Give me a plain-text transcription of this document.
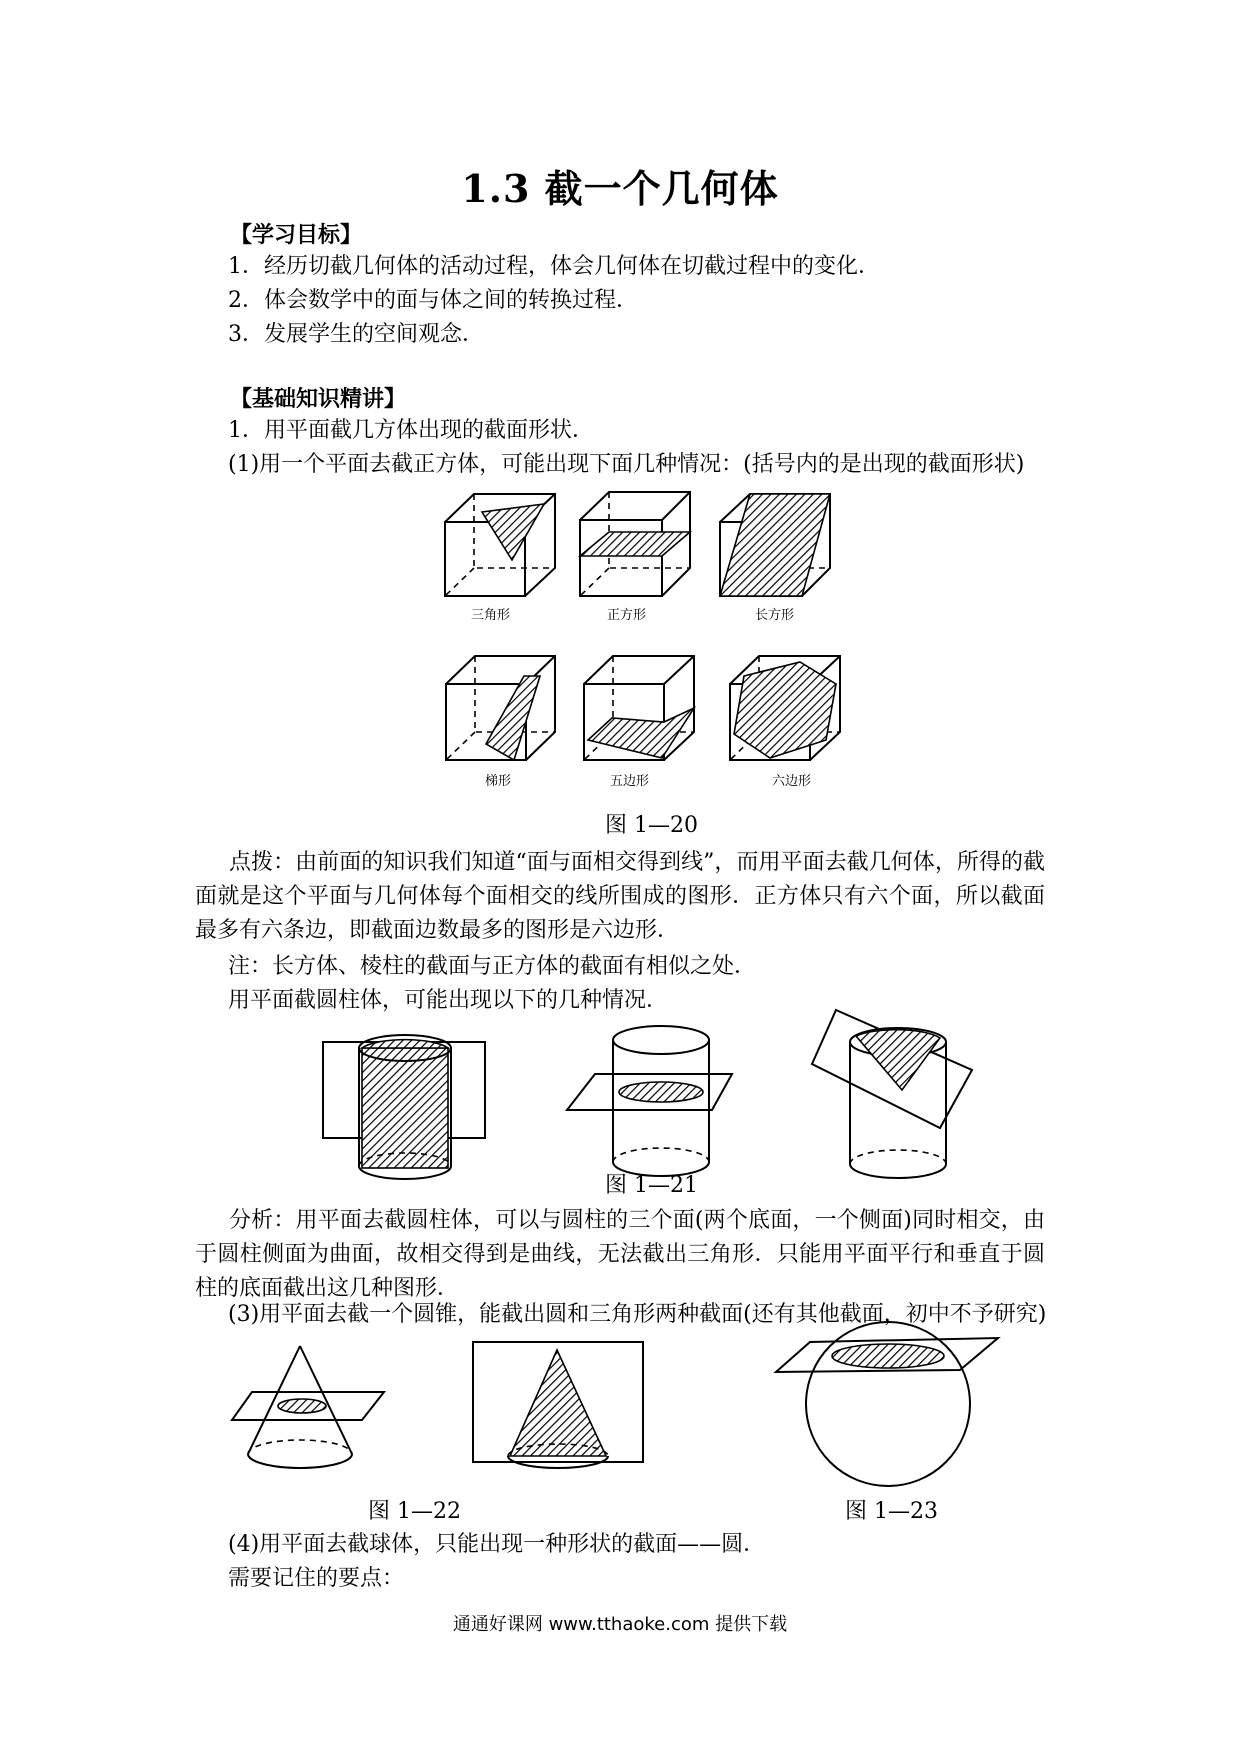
1.3 截一个几何体
【学习目标】
1．经历切截几何体的活动过程，体会几何体在切截过程中的变化．
2．体会数学中的面与体之间的转换过程．
3．发展学生的空间观念．
【基础知识精讲】
1．用平面截几方体出现的截面形状．
(1)用一个平面去截正方体，可能出现下面几种情况：(括号内的是出现的截面形状)
三角形	正方形	长方形
梯形	五边形	六边形
图 1—20
点拨：由前面的知识我们知道“面与面相交得到线”，而用平面去截几何体，所得的截面就是这个平面与几何体每个面相交的线所围成的图形．正方体只有六个面，所以截面最多有六条边，即截面边数最多的图形是六边形．
注：长方体、棱柱的截面与正方体的截面有相似之处．
用平面截圆柱体，可能出现以下的几种情况．
图 1—21
分析：用平面去截圆柱体，可以与圆柱的三个面(两个底面，一个侧面)同时相交，由于圆柱侧面为曲面，故相交得到是曲线，无法截出三角形．只能用平面平行和垂直于圆柱的底面截出这几种图形．
(3)用平面去截一个圆锥，能截出圆和三角形两种截面(还有其他截面，初中不予研究)
图 1—22	图 1—23
(4)用平面去截球体，只能出现一种形状的截面——圆．
需要记住的要点：
通通好课网 www.tthaoke.com 提供下载
